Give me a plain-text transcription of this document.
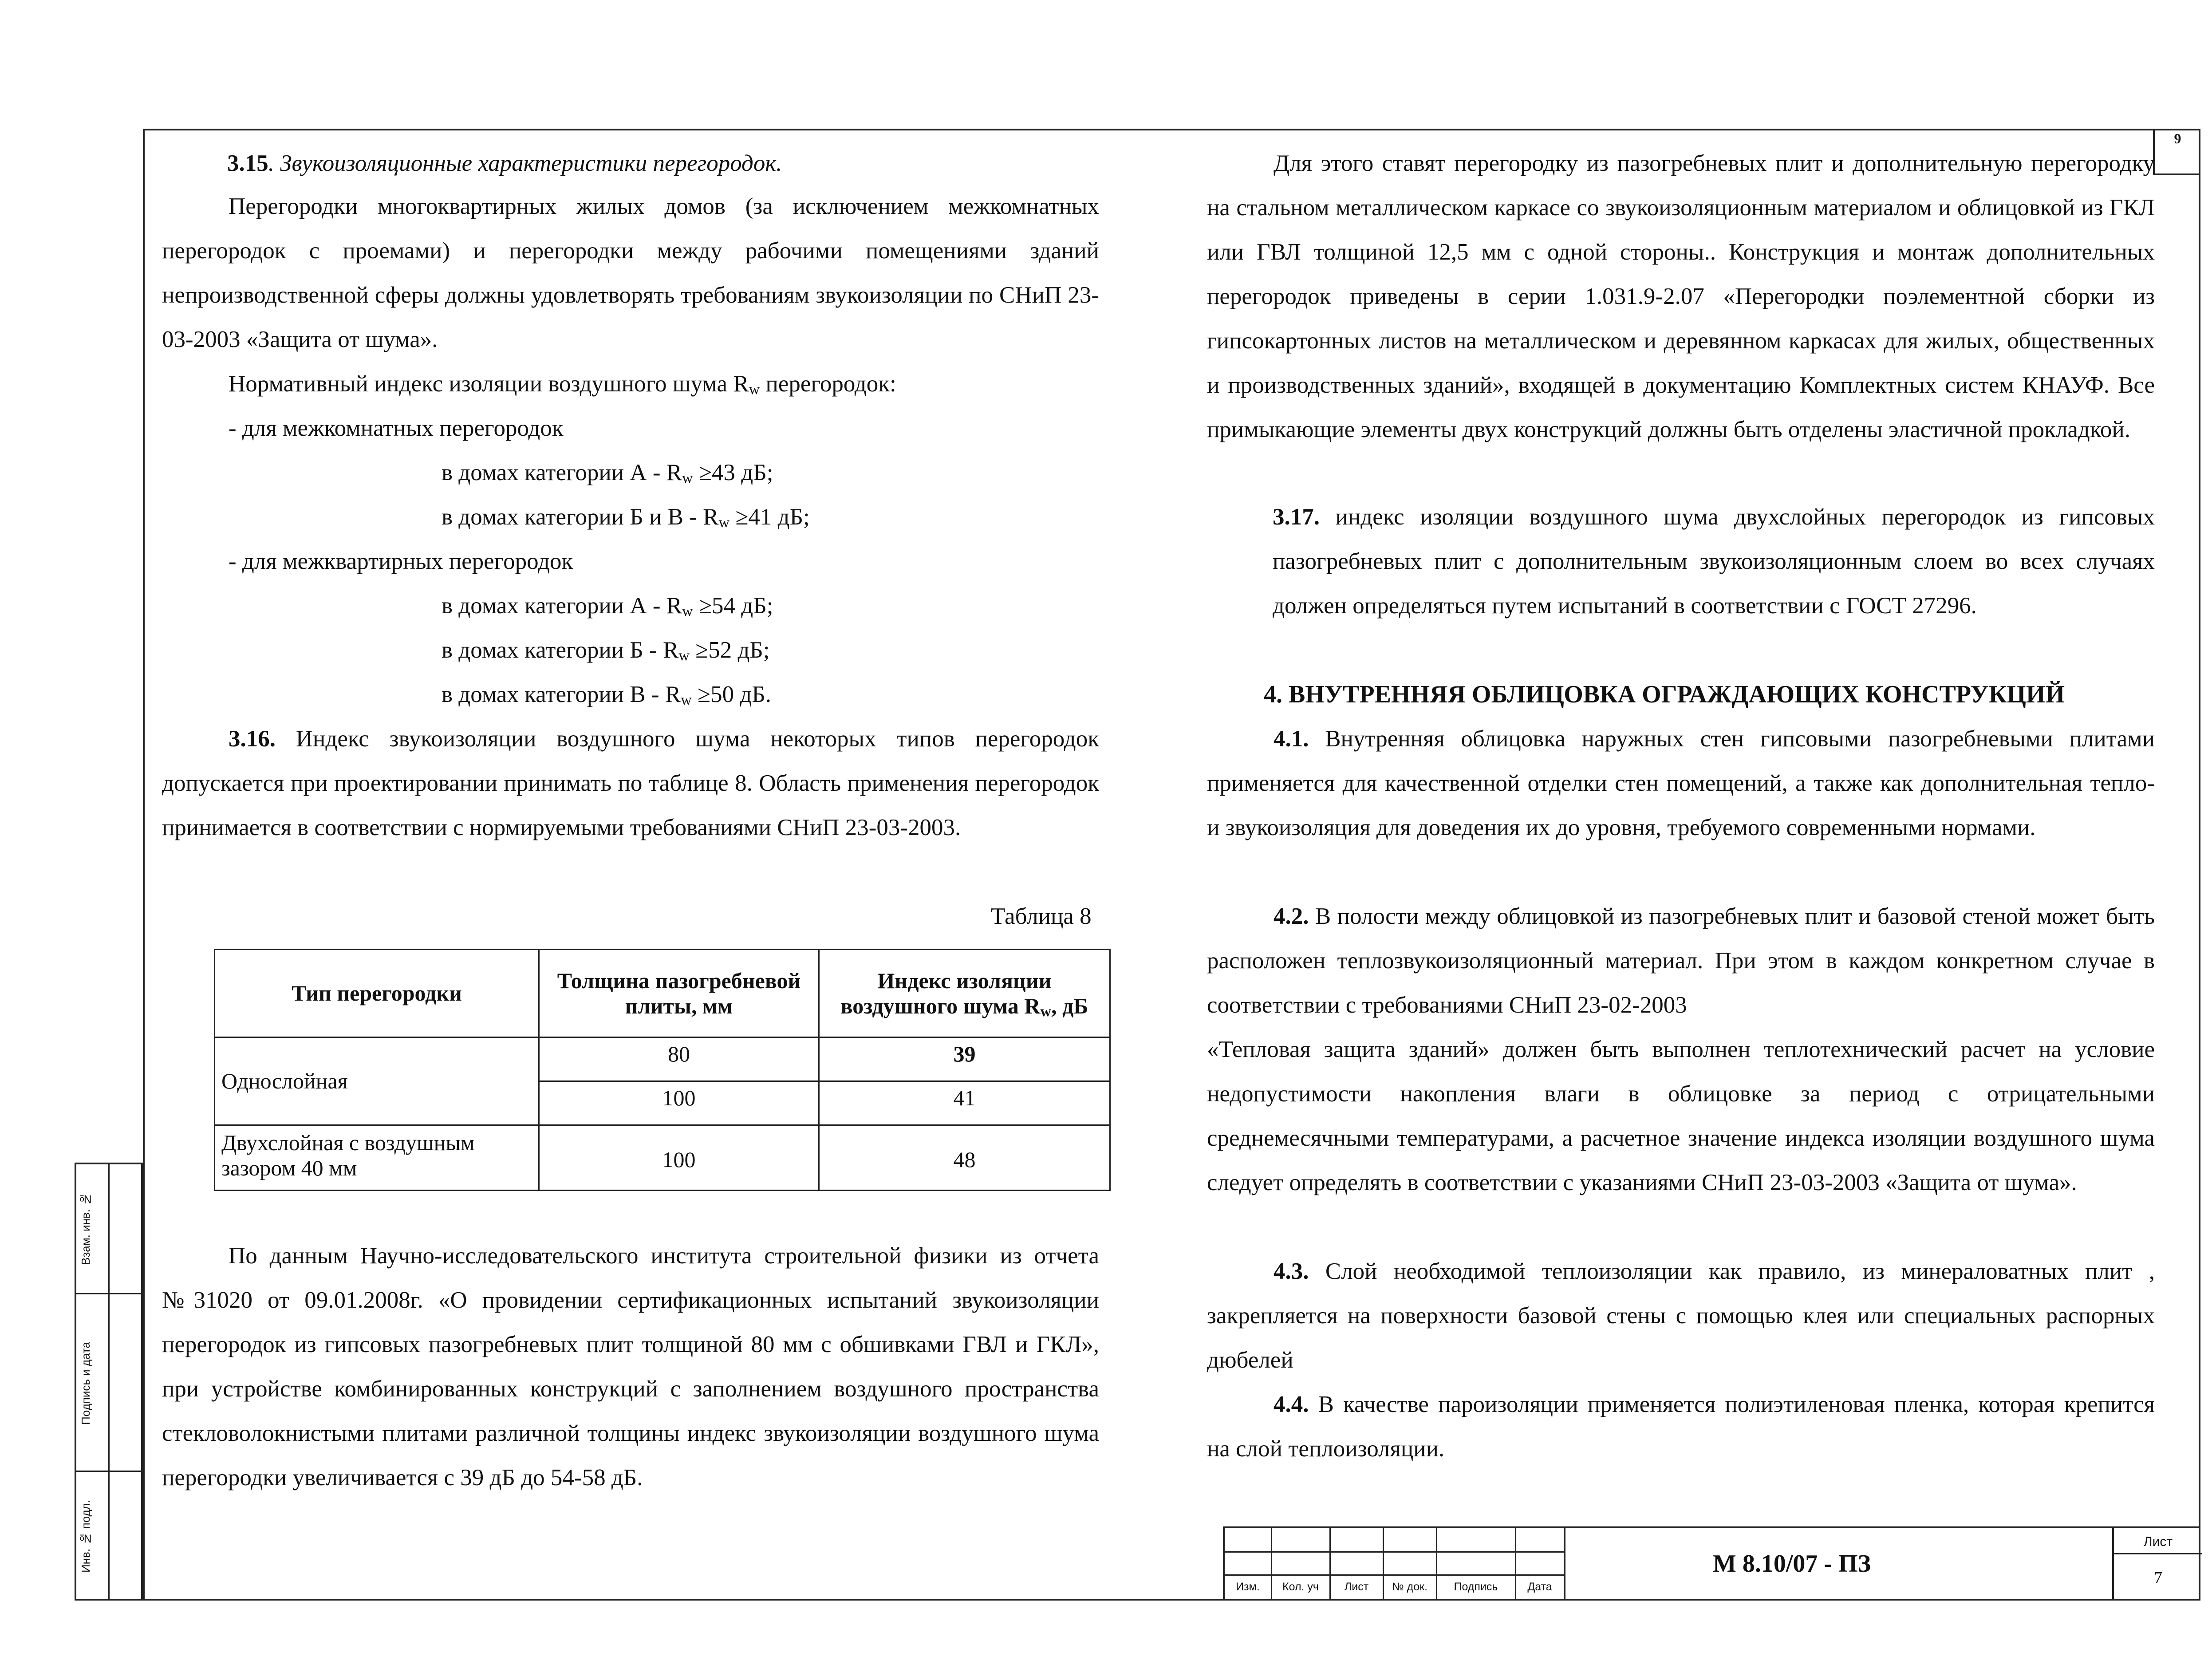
9
3.15. Звукоизоляционные характеристики перегородок.
Перегородки многоквартирных жилых домов (за исключением межкомнатных перегородок с проемами) и перегородки между рабочими помещениями зданий непроизводственной сферы должны удовлетворять требованиям звукоизоляции по СНиП 23-03-2003 «Защита от шума».
Нормативный индекс изоляции воздушного шума $R_w$ перегородок:
- для межкомнатных перегородок
в домах категории $А - R_w \ge 43$ дБ;
в домах категории Б и $В - R_w \ge 41$ дБ;
- для межквартирных перегородок
в домах категории $А - R_w \ge 54$ дБ;
в домах категории $Б - R_w \ge 52$ дБ;
в домах категории $В - R_w \ge 50$ дБ.
3.16. Индекс звукоизоляции воздушного шума некоторых типов перегородок допускается при проектировании принимать по таблице 8. Область применения перегородок принимается в соответствии с нормируемыми требованиями СНиП 23-03-2003.
Таблица 8
Тип перегородки	Толщина пазогребневой плиты, мм	Индекс изоляции воздушного шума $R_w$, дБ
Однослойная	80	39
	100	41
Двухслойная с воздушным зазором 40 мм	100	48
По данным Научно-исследовательского института строительной физики из отчета №31020 от 09.01.2008г. «О провидении сертификационных испытаний звукоизоляции перегородок из гипсовых пазогребневых плит толщиной 80 мм с обшивками ГВЛ и ГКЛ», при устройстве комбинированных конструкций с заполнением воздушного пространства стекловолокнистыми плитами различной толщины индекс звукоизоляции воздушного шума перегородки увеличивается с 39 дБ до 54-58 дБ.
Для этого ставят перегородку из пазогребневых плит и дополнительную перегородку на стальном металлическом каркасе со звукоизоляционным материалом и облицовкой из ГКЛ или ГВЛ толщиной 12,5 мм с одной стороны.. Конструкция и монтаж дополнительных перегородок приведены в серии 1.031.9-2.07 «Перегородки поэлементной сборки из гипсокартонных листов на металлическом и деревянном каркасах для жилых, общественных и производственных зданий», входящей в документацию Комплектных систем КНАУФ. Все примыкающие элементы двух конструкций должны быть отделены эластичной прокладкой.
3.17. индекс изоляции воздушного шума двухслойных перегородок из гипсовых пазогребневых плит с дополнительным звукоизоляционным слоем во всех случаях должен определяться путем испытаний в соответствии с ГОСТ 27296.
4. ВНУТРЕННЯЯ ОБЛИЦОВКА ОГРАЖДАЮЩИХ КОНСТРУКЦИЙ
4.1. Внутренняя облицовка наружных стен гипсовыми пазогребневыми плитами применяется для качественной отделки стен помещений, а также как дополнительная тепло- и звукоизоляция для доведения их до уровня, требуемого современными нормами.
4.2. В полости между облицовкой из пазогребневых плит и базовой стеной может быть расположен теплозвукоизоляционный материал. При этом в каждом конкретном случае в соответствии с требованиями СНиП 23-02-2003
«Тепловая защита зданий» должен быть выполнен теплотехнический расчет на условие недопустимости накопления влаги в облицовке за период с отрицательными среднемесячными температурами, а расчетное значение индекса изоляции воздушного шума следует определять в соответствии с указаниями СНиП 23-03-2003 «Защита от шума».
4.3. Слой необходимой теплоизоляции как правило, из минераловатных плит , закрепляется на поверхности базовой стены с помощью клея или специальных распорных дюбелей
4.4. В качестве пароизоляции применяется полиэтиленовая пленка, которая крепится на слой теплоизоляции.
Взам. инв. №
Подпись и дата
Инв. № подл.
Изм.	Кол. уч	Лист	№ док.	Подпись	Дата
М 8.10/07 - ПЗ
Лист
7
